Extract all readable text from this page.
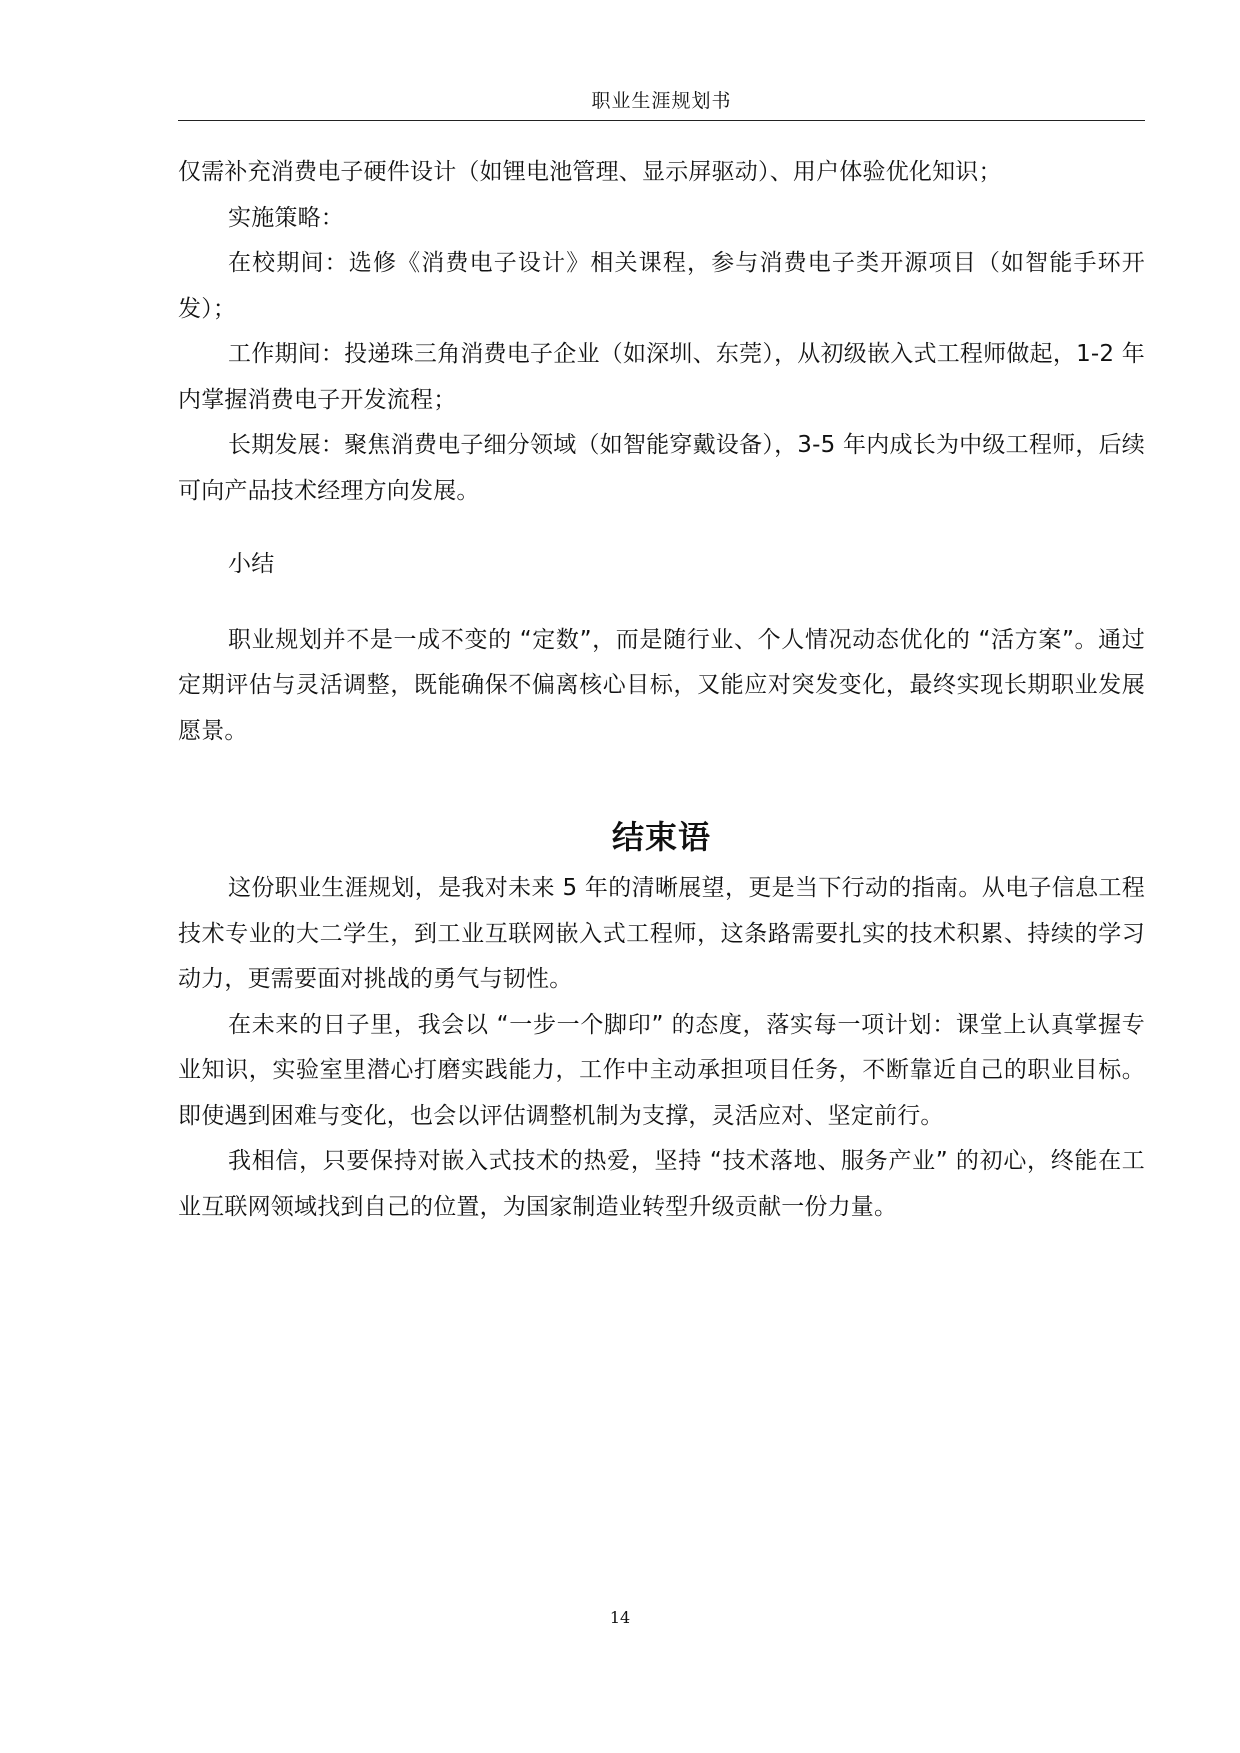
职业生涯规划书

仅需补充消费电子硬件设计（如锂电池管理、显示屏驱动）、用户体验优化知识；

实施策略：

在校期间：选修《消费电子设计》相关课程，参与消费电子类开源项目（如智能手环开发）；

工作期间：投递珠三角消费电子企业（如深圳、东莞），从初级嵌入式工程师做起，1-2 年内掌握消费电子开发流程；

长期发展：聚焦消费电子细分领域（如智能穿戴设备），3-5 年内成长为中级工程师，后续可向产品技术经理方向发展。

小结

职业规划并不是一成不变的 “定数”，而是随行业、个人情况动态优化的 “活方案”。通过定期评估与灵活调整，既能确保不偏离核心目标，又能应对突发变化，最终实现长期职业发展愿景。

结束语

这份职业生涯规划，是我对未来 5 年的清晰展望，更是当下行动的指南。从电子信息工程技术专业的大二学生，到工业互联网嵌入式工程师，这条路需要扎实的技术积累、持续的学习动力，更需要面对挑战的勇气与韧性。

在未来的日子里，我会以 “一步一个脚印” 的态度，落实每一项计划：课堂上认真掌握专业知识，实验室里潜心打磨实践能力，工作中主动承担项目任务，不断靠近自己的职业目标。即使遇到困难与变化，也会以评估调整机制为支撑，灵活应对、坚定前行。

我相信，只要保持对嵌入式技术的热爱，坚持 “技术落地、服务产业” 的初心，终能在工业互联网领域找到自己的位置，为国家制造业转型升级贡献一份力量。

14
